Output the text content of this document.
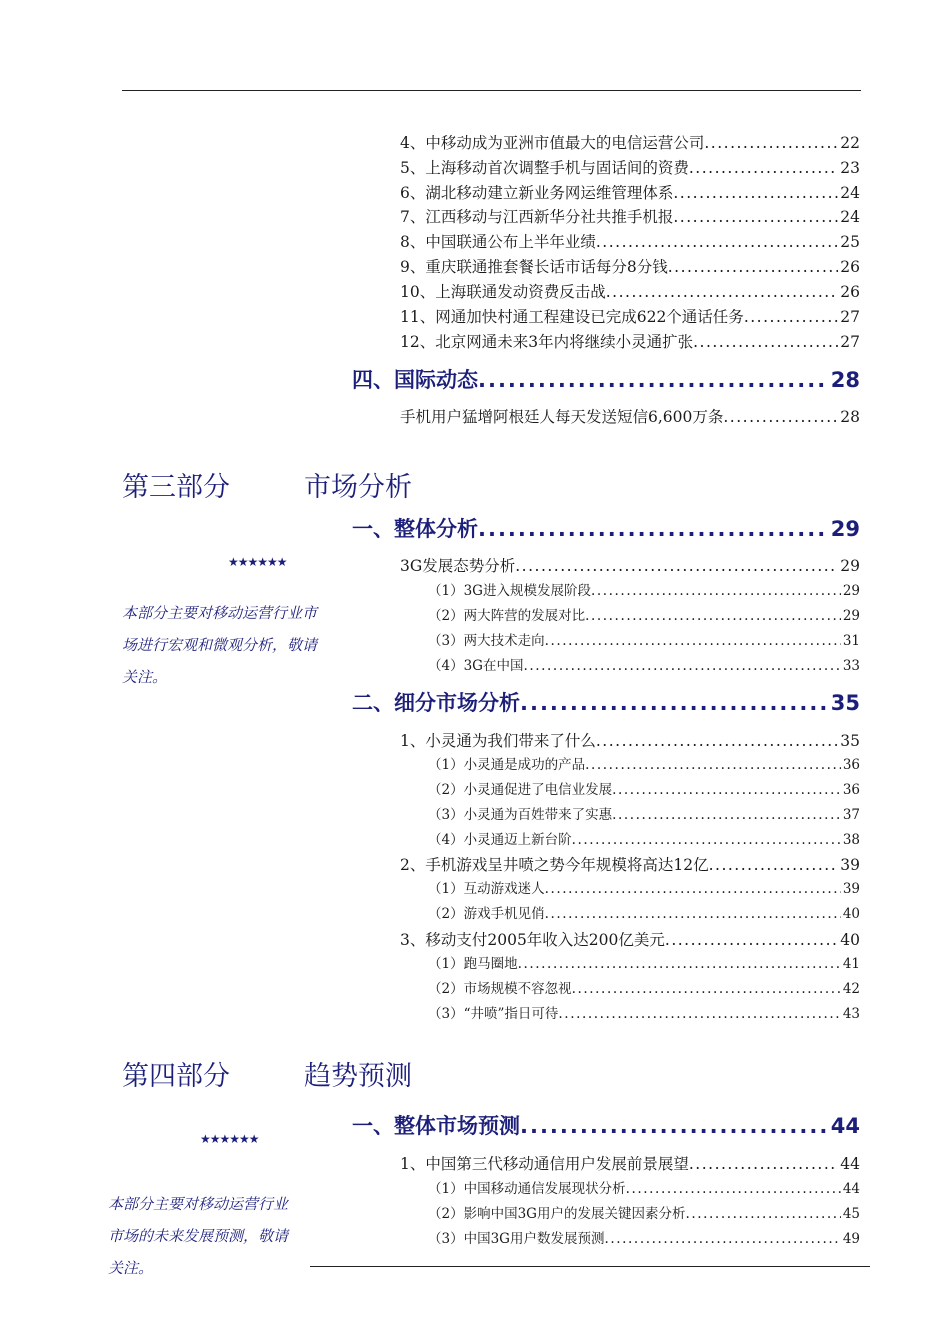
4、中移动成为亚洲市值最大的电信运营公司 .....	22
5、上海移动首次调整手机与固话间的资费 .....	23
6、湖北移动建立新业务网运维管理体系 .....	24
7、江西移动与江西新华分社共推手机报 .....	24
8、中国联通公布上半年业绩 .....	25
9、重庆联通推套餐长话市话每分8分钱 .....	26
10、上海联通发动资费反击战 .....	26
11、网通加快村通工程建设已完成622个通话任务 .....	27
12、北京网通未来3年内将继续小灵通扩张 .....	27
四、国际动态 .....	28
手机用户猛增阿根廷人每天发送短信6,600万条 .....	28
第三部分	市场分析
一、整体分析 .....	29
★★★★★★
本部分主要对移动运营行业市场进行宏观和微观分析，敬请关注。
3G发展态势分析 .....	29
（1）3G进入规模发展阶段 .....	29
（2）两大阵营的发展对比 .....	29
（3）两大技术走向 .....	31
（4）3G在中国 .....	33
二、细分市场分析 .....	35
1、小灵通为我们带来了什么 .....	35
（1）小灵通是成功的产品 .....	36
（2）小灵通促进了电信业发展 .....	36
（3）小灵通为百姓带来了实惠 .....	37
（4）小灵通迈上新台阶 .....	38
2、手机游戏呈井喷之势今年规模将高达12亿 .....	39
（1）互动游戏迷人 .....	39
（2）游戏手机见俏 .....	40
3、移动支付2005年收入达200亿美元 .....	40
（1）跑马圈地 .....	41
（2）市场规模不容忽视 .....	42
（3）“井喷”指日可待 .....	43
第四部分	趋势预测
一、整体市场预测 .....	44
★★★★★★
本部分主要对移动运营行业市场的未来发展预测，敬请关注。
1、中国第三代移动通信用户发展前景展望 .....	44
（1）中国移动通信发展现状分析 .....	44
（2）影响中国3G用户的发展关键因素分析 .....	45
（3）中国3G用户数发展预测 .....	49
